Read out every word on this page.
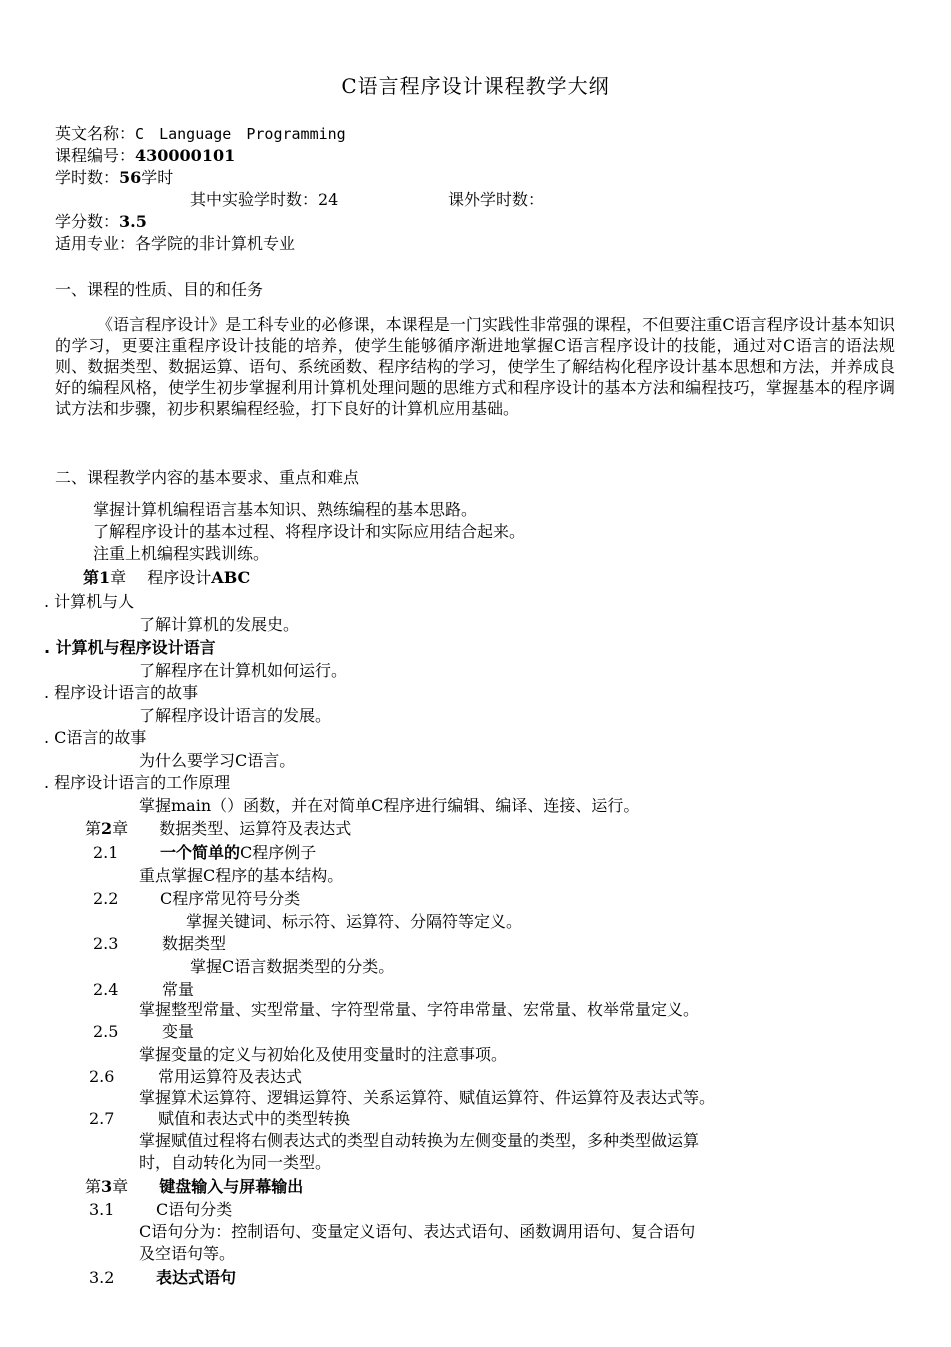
C语言程序设计课程教学大纲
英文名称：C Language Programming
课程编号：430000101
学时数：56学时
其中实验学时数：24	课外学时数：
学分数：3.5
适用专业：各学院的非计算机专业
一、课程的性质、目的和任务
《语言程序设计》是工科专业的必修课，本课程是一门实践性非常强的课程，不但要注重C语言程序设计基本知识的学习，更要注重程序设计技能的培养，使学生能够循序渐进地掌握C语言程序设计的技能，通过对C语言的语法规则、数据类型、数据运算、语句、系统函数、程序结构的学习，使学生了解结构化程序设计基本思想和方法，并养成良好的编程风格，使学生初步掌握利用计算机处理问题的思维方式和程序设计的基本方法和编程技巧，掌握基本的程序调试方法和步骤，初步积累编程经验，打下良好的计算机应用基础。
二、课程教学内容的基本要求、重点和难点
掌握计算机编程语言基本知识、熟练编程的基本思路。
了解程序设计的基本过程、将程序设计和实际应用结合起来。
注重上机编程实践训练。
第1章 程序设计ABC
. 计算机与人
了解计算机的发展史。
. 计算机与程序设计语言
了解程序在计算机如何运行。
. 程序设计语言的故事
了解程序设计语言的发展。
. C语言的故事
为什么要学习C语言。
. 程序设计语言的工作原理
掌握main（）函数，并在对简单C程序进行编辑、编译、连接、运行。
第2章 数据类型、运算符及表达式
2.1	一个简单的C程序例子
重点掌握C程序的基本结构。
2.2	C程序常见符号分类
掌握关键词、标示符、运算符、分隔符等定义。
2.3	数据类型
掌握C语言数据类型的分类。
2.4	常量
掌握整型常量、实型常量、字符型常量、字符串常量、宏常量、枚举常量定义。
2.5	变量
掌握变量的定义与初始化及使用变量时的注意事项。
2.6	常用运算符及表达式
掌握算术运算符、逻辑运算符、关系运算符、赋值运算符、件运算符及表达式等。
2.7	赋值和表达式中的类型转换
掌握赋值过程将右侧表达式的类型自动转换为左侧变量的类型，多种类型做运算
时，自动转化为同一类型。
第3章 键盘输入与屏幕输出
3.1	C语句分类
C语句分为：控制语句、变量定义语句、表达式语句、函数调用语句、复合语句
及空语句等。
3.2	表达式语句
